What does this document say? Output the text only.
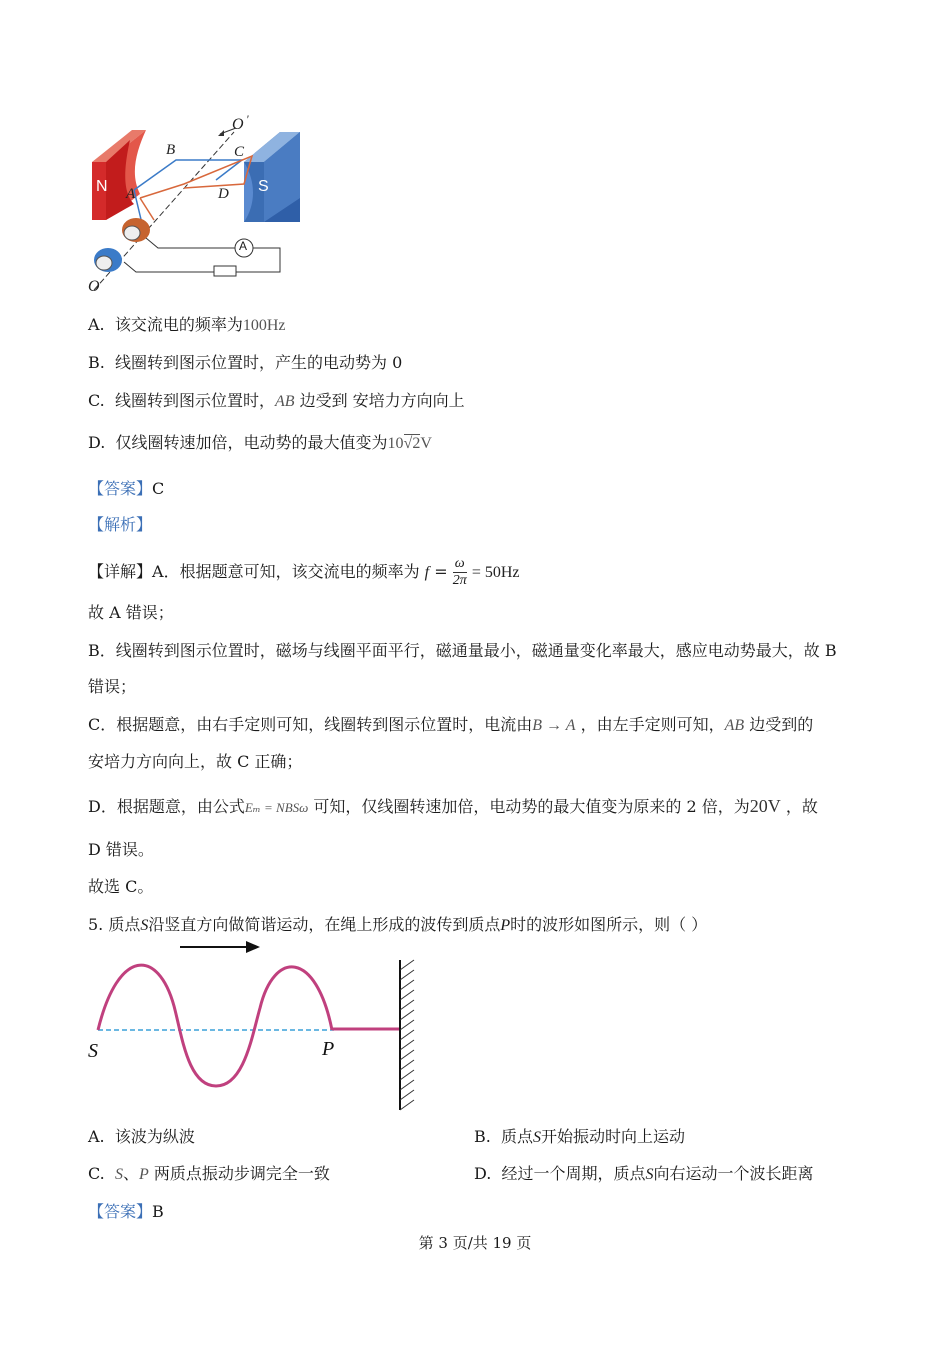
N	S
A
B	C
D
O '
O
A
A. 该交流电的频率为100Hz
B. 线圈转到图示位置时，产生的电动势为 0
C. 线圈转到图示位置时，AB 边受到 安培力方向向上
D. 仅线圈转速加倍，电动势的最大值变为10√2V
【答案】C
【解析】
【详解】A．根据题意可知，该交流电的频率为 $f = \frac{\omega}{2\pi} = 50Hz$
故 A 错误；
B．线圈转到图示位置时，磁场与线圈平面平行，磁通量最小，磁通量变化率最大，感应电动势最大，故 B
错误；
C．根据题意，由右手定则可知，线圈转到图示位置时，电流由B → A ，由左手定则可知，AB 边受到的
安培力方向向上，故 C 正确；
D．根据题意，由公式Eₘ = NBSω 可知，仅线圈转速加倍，电动势的最大值变为原来的 2 倍，为20V ，故
D 错误。
故选 C。
5. 质点S沿竖直方向做简谐运动，在绳上形成的波传到质点P时的波形如图所示，则（ ）
S	P
A. 该波为纵波	B. 质点S开始振动时向上运动
C. S、P 两质点振动步调完全一致	D. 经过一个周期，质点S向右运动一个波长距离
【答案】B
第 3 页/共 19 页
